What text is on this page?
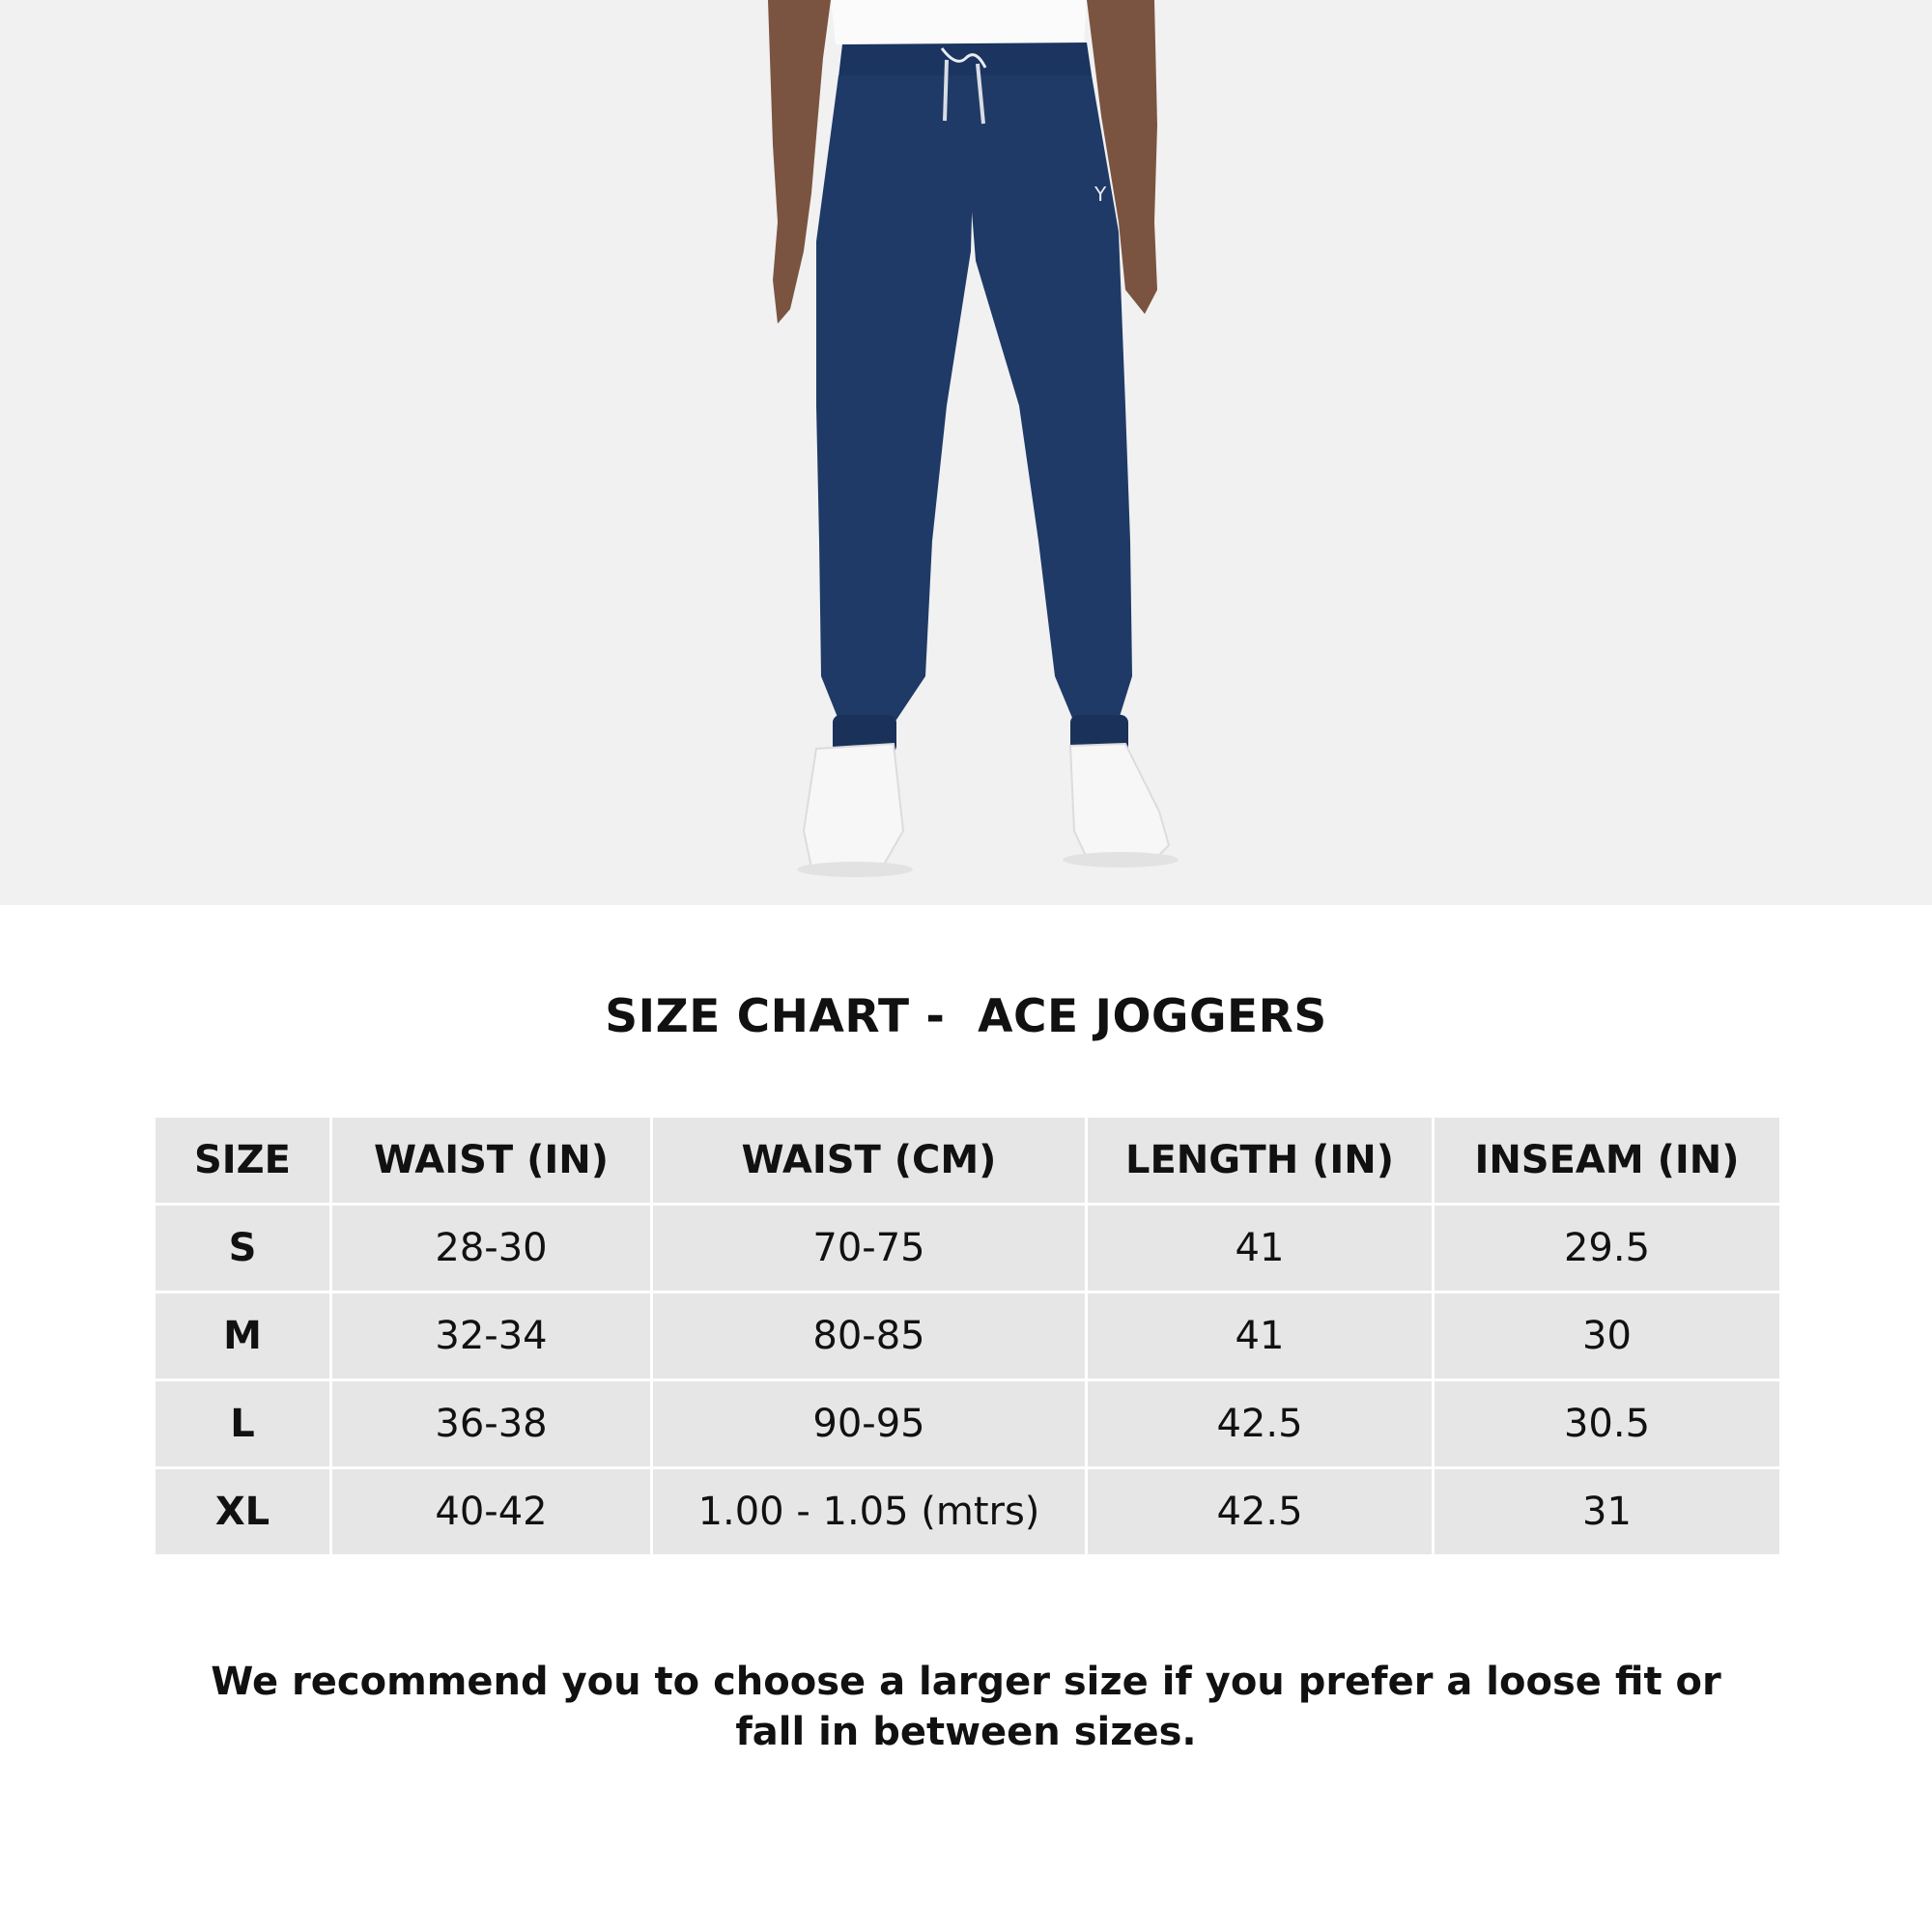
Y
SIZE CHART -  ACE JOGGERS
SIZE	WAIST (IN)	WAIST (CM)	LENGTH (IN)	INSEAM (IN)
S	28-30	70-75	41	29.5
M	32-34	80-85	41	30
L	36-38	90-95	42.5	30.5
XL	40-42	1.00 - 1.05 (mtrs)	42.5	31
We recommend you to choose a larger size if you prefer a loose fit or fall in between sizes.
